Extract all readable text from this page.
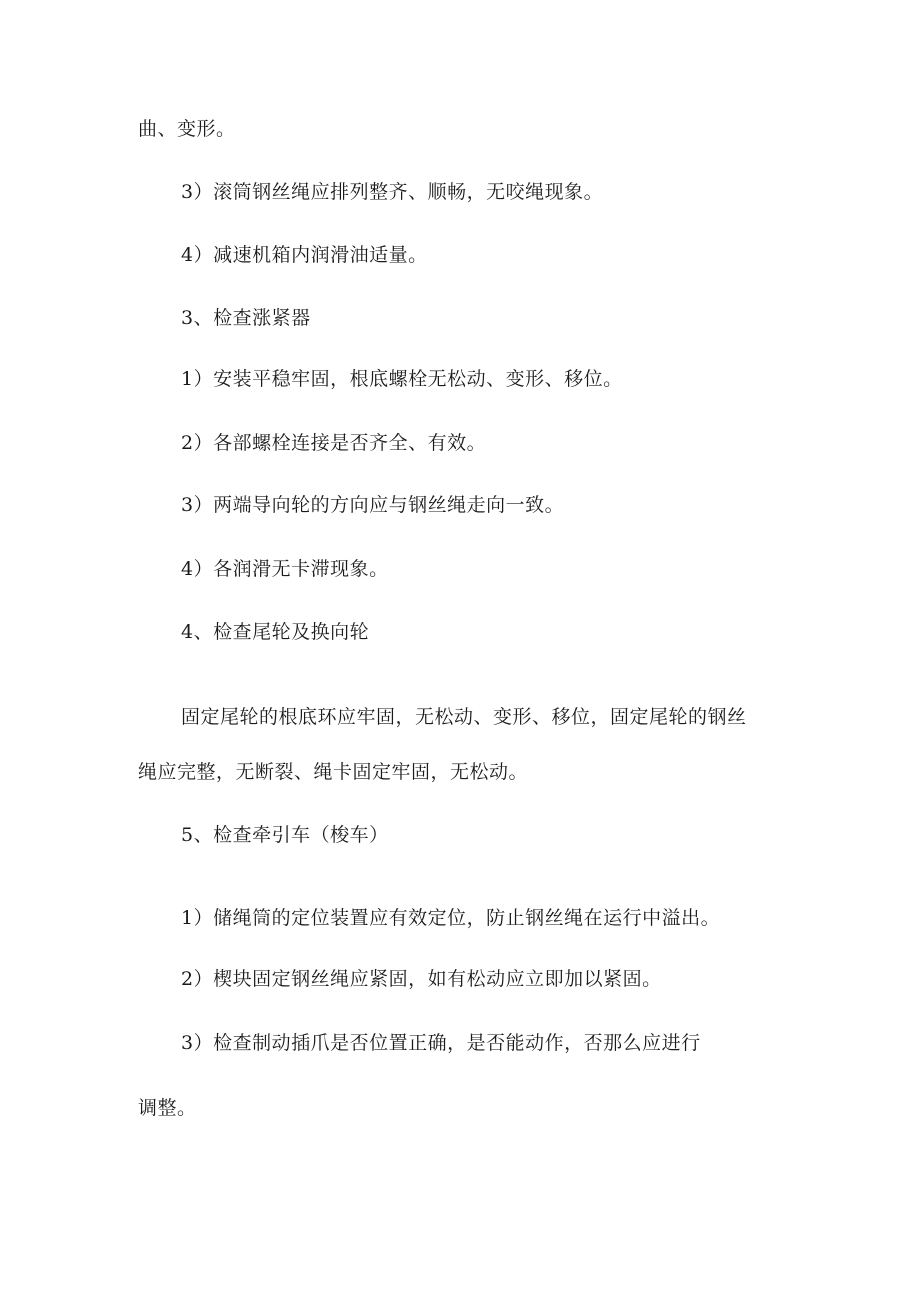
曲、变形。
3）滚筒钢丝绳应排列整齐、顺畅，无咬绳现象。
4）减速机箱内润滑油适量。
3、检查涨紧器
1）安装平稳牢固，根底螺栓无松动、变形、移位。
2）各部螺栓连接是否齐全、有效。
3）两端导向轮的方向应与钢丝绳走向一致。
4）各润滑无卡滞现象。
4、检查尾轮及换向轮
固定尾轮的根底环应牢固，无松动、变形、移位，固定尾轮的钢丝
绳应完整，无断裂、绳卡固定牢固，无松动。
5、检查牵引车（梭车）
1）储绳筒的定位装置应有效定位，防止钢丝绳在运行中溢出。
2）楔块固定钢丝绳应紧固，如有松动应立即加以紧固。
3）检查制动插爪是否位置正确，是否能动作，否那么应进行
调整。
